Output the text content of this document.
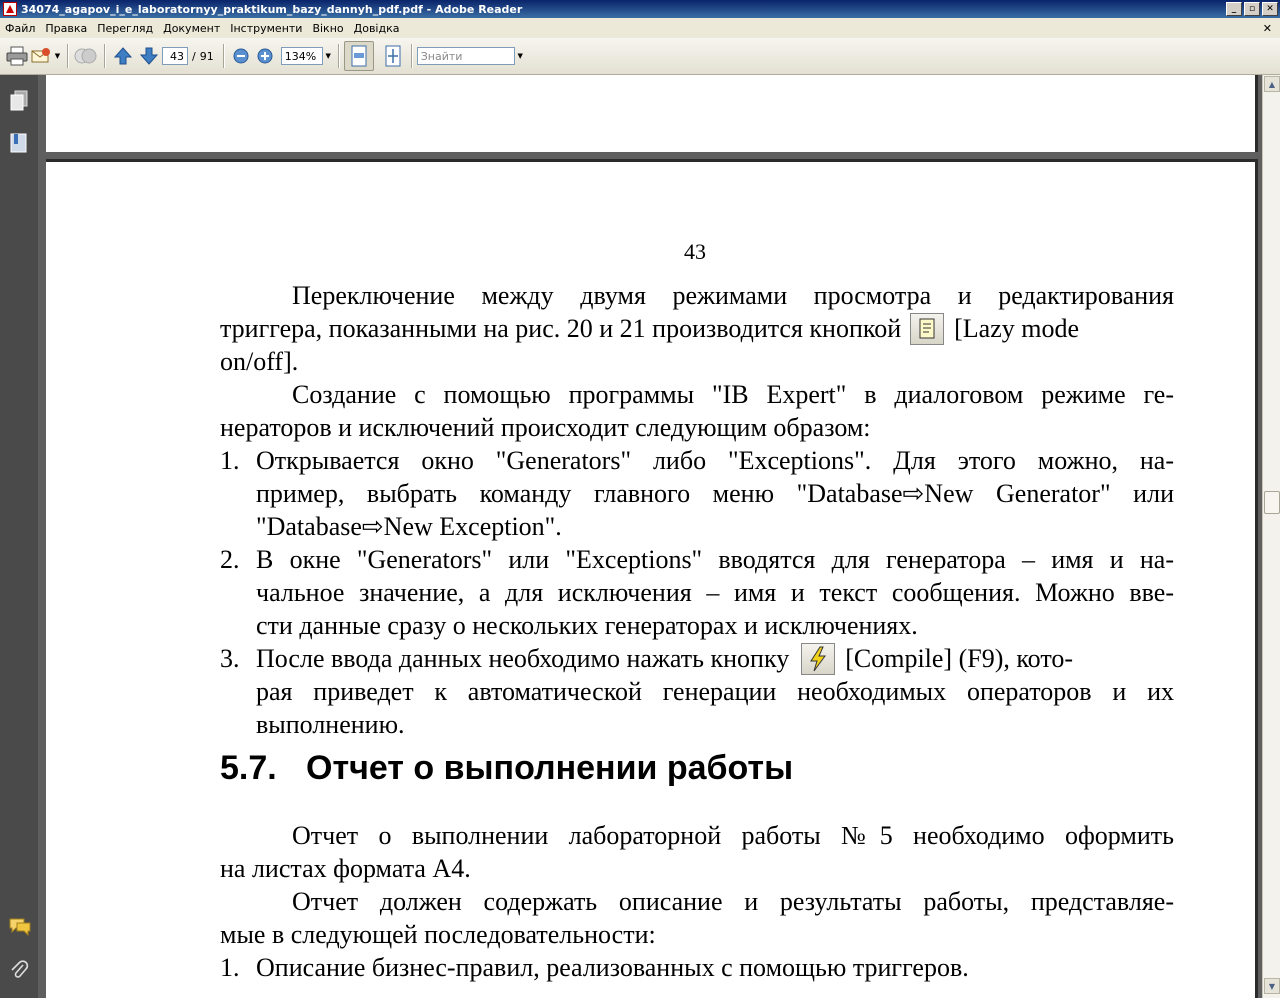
34074_agapov_i_e_laboratornyy_praktikum_bazy_dannyh_pdf.pdf - Adobe Reader	_	▫	✕
Файл Правка Перегляд Документ Інструменти Вікно Довідка	✕
▼	43 / 91	134%	▼	Знайти	▼
43
Переключение между двумя режимами просмотра и редактирования
триггера, показанными на рис. 20 и 21 производится кнопкой [Lazy mode
on/off].
Создание с помощью программы "IB Expert" в диалоговом режиме ге-
нераторов и исключений происходит следующим образом:
1. Открывается окно "Generators" либо "Exceptions". Для этого можно, на-
пример, выбрать команду главного меню "Database⇨New Generator" или
"Database⇨New Exception".
2. В окне "Generators" или "Exceptions" вводятся для генератора – имя и на-
чальное значение, а для исключения – имя и текст сообщения. Можно вве-
сти данные сразу о нескольких генераторах и исключениях.
3. После ввода данных необходимо нажать кнопку [Compile] (F9), кото-
рая приведет к автоматической генерации необходимых операторов и их
выполнению.
5.7. Отчет о выполнении работы
Отчет о выполнении лабораторной работы №5 необходимо оформить
на листах формата А4.
Отчет должен содержать описание и результаты работы, представляе-
мые в следующей последовательности:
1. Описание бизнес-правил, реализованных с помощью триггеров.
▲
▼
